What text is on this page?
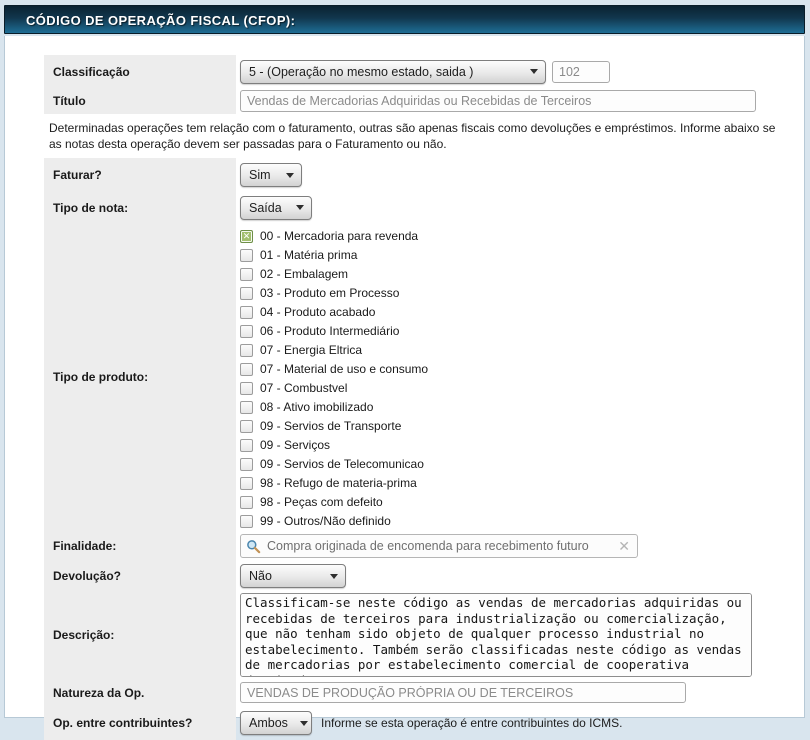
CÓDIGO DE OPERAÇÃO FISCAL (CFOP):
Classificação	5 - (Operação no mesmo estado, saida )
102
Título
Vendas de Mercadorias Adquiridas ou Recebidas de Terceiros
Determinadas operações tem relação com o faturamento, outras são apenas fiscais como devoluções e empréstimos. Informe abaixo se as notas desta operação devem ser passadas para o Faturamento ou não.
Faturar?	Sim
Tipo de nota:	Saída
Tipo de produto:
✕
00 - Mercadoria para revenda
01 - Matéria prima
02 - Embalagem
03 - Produto em Processo
04 - Produto acabado
06 - Produto Intermediário
07 - Energia Eltrica
07 - Material de uso e consumo
07 - Combustvel
08 - Ativo imobilizado
09 - Servios de Transporte
09 - Serviços
09 - Servios de Telecomunicao
98 - Refugo de materia-prima
98 - Peças com defeito
99 - Outros/Não definido
Finalidade:
Compra originada de encomenda para recebimento futuro	✕
Devolução?	Não
Descrição:
Classificam-se neste código as vendas de mercadorias adquiridas ou recebidas de terceiros para industrialização ou comercialização, que não tenham sido objeto de qualquer processo industrial no estabelecimento. Também serão classificadas neste código as vendas de mercadorias por estabelecimento comercial de cooperativa destinadas a
Natureza da Op.
VENDAS DE PRODUÇÃO PRÓPRIA OU DE TERCEIROS
Op. entre contribuintes?	Ambos	Informe se esta operação é entre contribuintes do ICMS.
